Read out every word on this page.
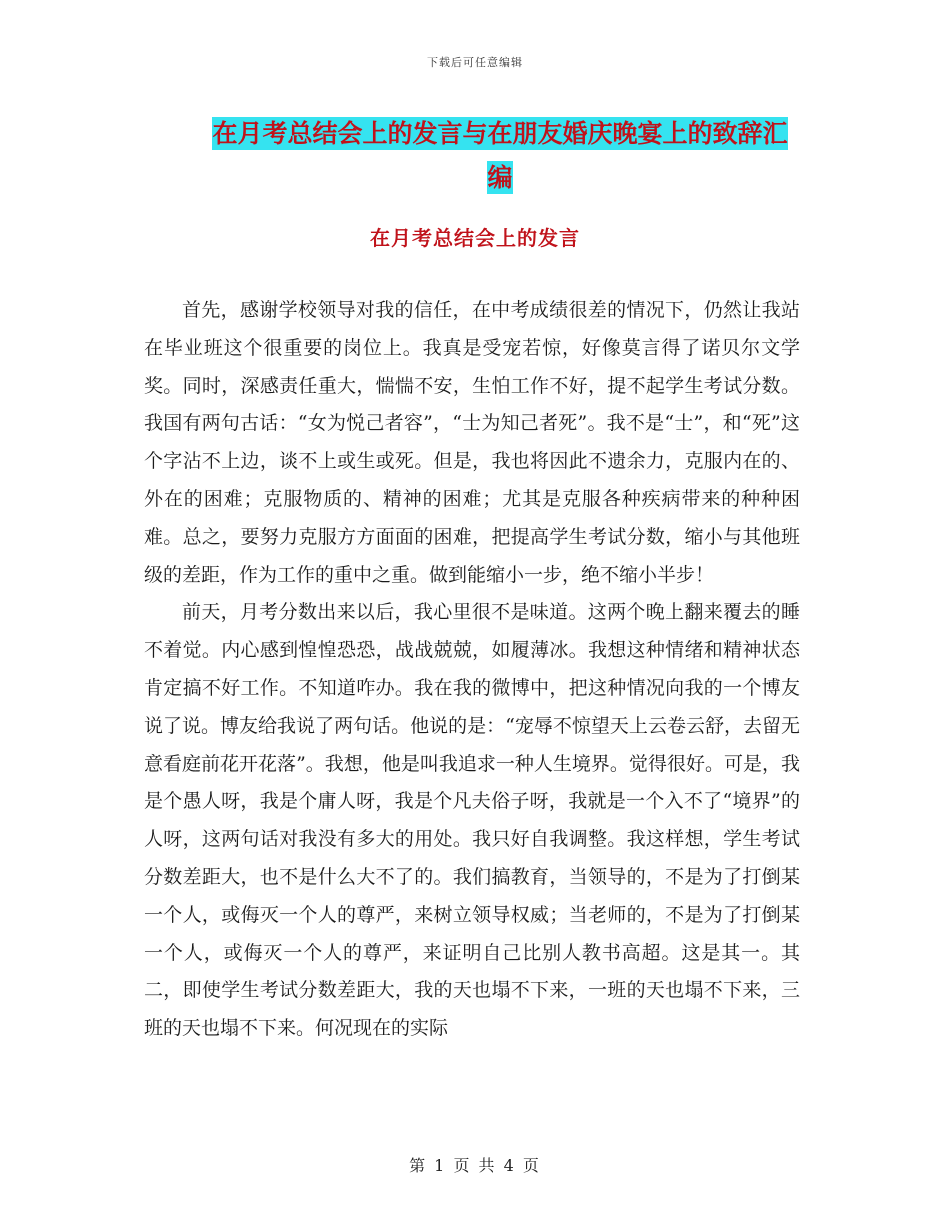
下载后可任意编辑
在月考总结会上的发言与在朋友婚庆晚宴上的致辞汇
编
在月考总结会上的发言

首先，感谢学校领导对我的信任，在中考成绩很差的情况下，仍然让我站在毕业班这个很重要的岗位上。我真是受宠若惊，好像莫言得了诺贝尔文学奖。同时，深感责任重大，惴惴不安，生怕工作不好，提不起学生考试分数。我国有两句古话：“女为悦己者容”，“士为知己者死”。我不是“士”，和“死”这个字沾不上边，谈不上或生或死。但是，我也将因此不遗余力，克服内在的、外在的困难；克服物质的、精神的困难；尤其是克服各种疾病带来的种种困难。总之，要努力克服方方面面的困难，把提高学生考试分数，缩小与其他班级的差距，作为工作的重中之重。做到能缩小一步，绝不缩小半步！

前天，月考分数出来以后，我心里很不是味道。这两个晚上翻来覆去的睡不着觉。内心感到惶惶恐恐，战战兢兢，如履薄冰。我想这种情绪和精神状态肯定搞不好工作。不知道咋办。我在我的微博中，把这种情况向我的一个博友说了说。博友给我说了两句话。他说的是：“宠辱不惊望天上云卷云舒，去留无意看庭前花开花落”。我想，他是叫我追求一种人生境界。觉得很好。可是，我是个愚人呀，我是个庸人呀，我是个凡夫俗子呀，我就是一个入不了“境界”的人呀，这两句话对我没有多大的用处。我只好自我调整。我这样想，学生考试分数差距大，也不是什么大不了的。我们搞教育，当领导的，不是为了打倒某一个人，或侮灭一个人的尊严，来树立领导权威；当老师的，不是为了打倒某一个人，或侮灭一个人的尊严，来证明自己比别人教书高超。这是其一。其二，即使学生考试分数差距大，我的天也塌不下来，一班的天也塌不下来，三班的天也塌不下来。何况现在的实际

第 1 页 共 4 页
